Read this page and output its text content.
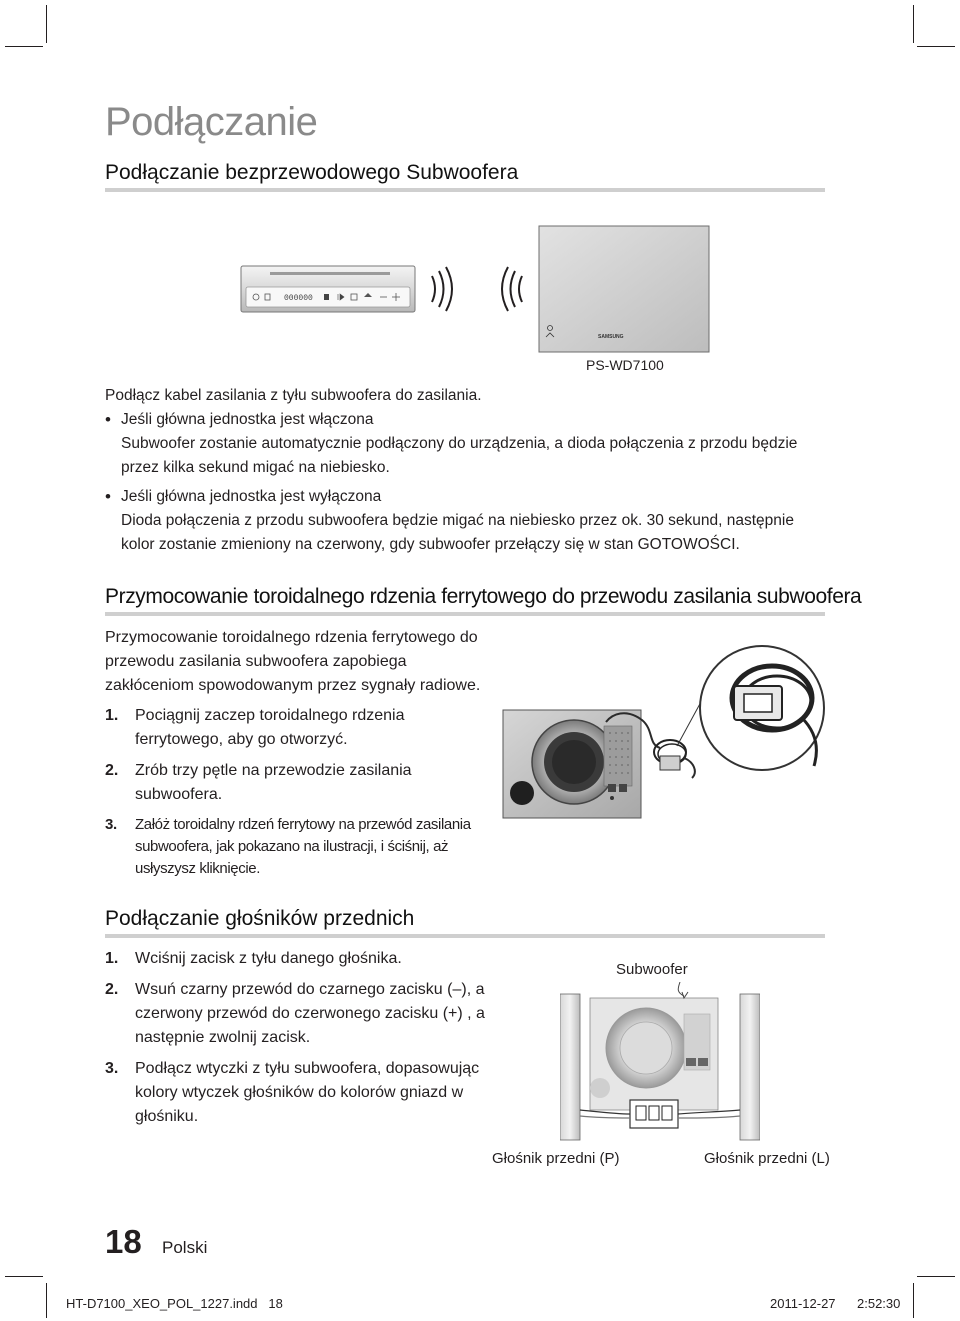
Podłączanie
Podłączanie bezprzewodowego Subwoofera
000000
SAMSUNG
PS-WD7100
Podłącz kabel zasilania z tyłu subwoofera do zasilania.
• Jeśli główna jednostka jest włączona
Subwoofer zostanie automatycznie podłączony do urządzenia, a dioda połączenia z przodu będzie przez kilka sekund migać na niebiesko.
• Jeśli główna jednostka jest wyłączona
Dioda połączenia z przodu subwoofera będzie migać na niebiesko przez ok. 30 sekund, następnie kolor zostanie zmieniony na czerwony, gdy subwoofer przełączy się w stan GOTOWOŚCI.
Przymocowanie toroidalnego rdzenia ferrytowego do przewodu zasilania subwoofera
Przymocowanie toroidalnego rdzenia ferrytowego do przewodu zasilania subwoofera zapobiega zakłóceniom spowodowanym przez sygnały radiowe.
1. Pociągnij zaczep toroidalnego rdzenia ferrytowego, aby go otworzyć.
2. Zrób trzy pętle na przewodzie zasilania subwoofera.
3. Załóż toroidalny rdzeń ferrytowy na przewód zasilania subwoofera, jak pokazano na ilustracji, i ściśnij, aż usłyszysz kliknięcie.
Podłączanie głośników przednich
1. Wciśnij zacisk z tyłu danego głośnika.
2. Wsuń czarny przewód do czarnego zacisku (–), a czerwony przewód do czerwonego zacisku (+) , a następnie zwolnij zacisk.
3. Podłącz wtyczki z tyłu subwoofera, dopasowując kolory wtyczek głośników do kolorów gniazd w głośniku.
Subwoofer
Głośnik przedni (P)	Głośnik przedni (L)
18 Polski
HT-D7100_XEO_POL_1227.indd   18	2011-12-27 2:52:30
